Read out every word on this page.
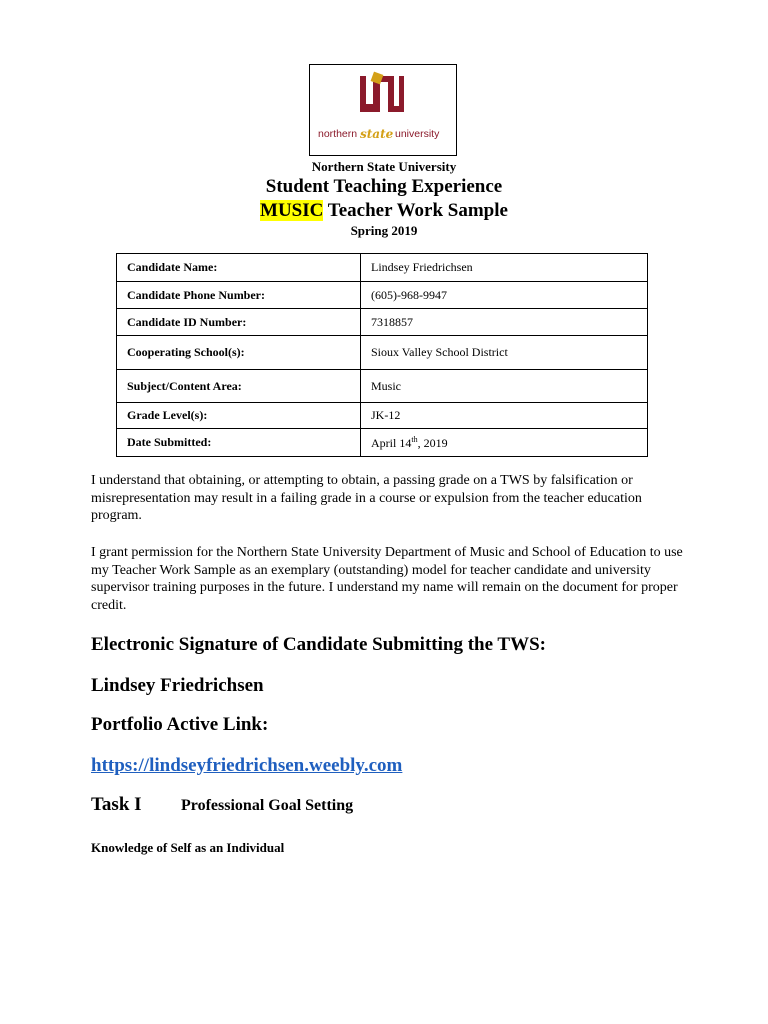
northern state university
Northern State University
Student Teaching Experience
MUSIC Teacher Work Sample
Spring 2019
Candidate Name:	Lindsey Friedrichsen
Candidate Phone Number:	(605)-968-9947
Candidate ID Number:	7318857
Cooperating School(s):	Sioux Valley School District
Subject/Content Area:	Music
Grade Level(s):	JK-12
Date Submitted:	April 14th, 2019

I understand that obtaining, or attempting to obtain, a passing grade on a TWS by falsification or misrepresentation may result in a failing grade in a course or expulsion from the teacher education program.

I grant permission for the Northern State University Department of Music and School of Education to use my Teacher Work Sample as an exemplary (outstanding) model for teacher candidate and university supervisor training purposes in the future. I understand my name will remain on the document for proper credit.

Electronic Signature of Candidate Submitting the TWS:
Lindsey Friedrichsen
Portfolio Active Link:
https://lindseyfriedrichsen.weebly.com
Task I Professional Goal Setting
Knowledge of Self as an Individual
